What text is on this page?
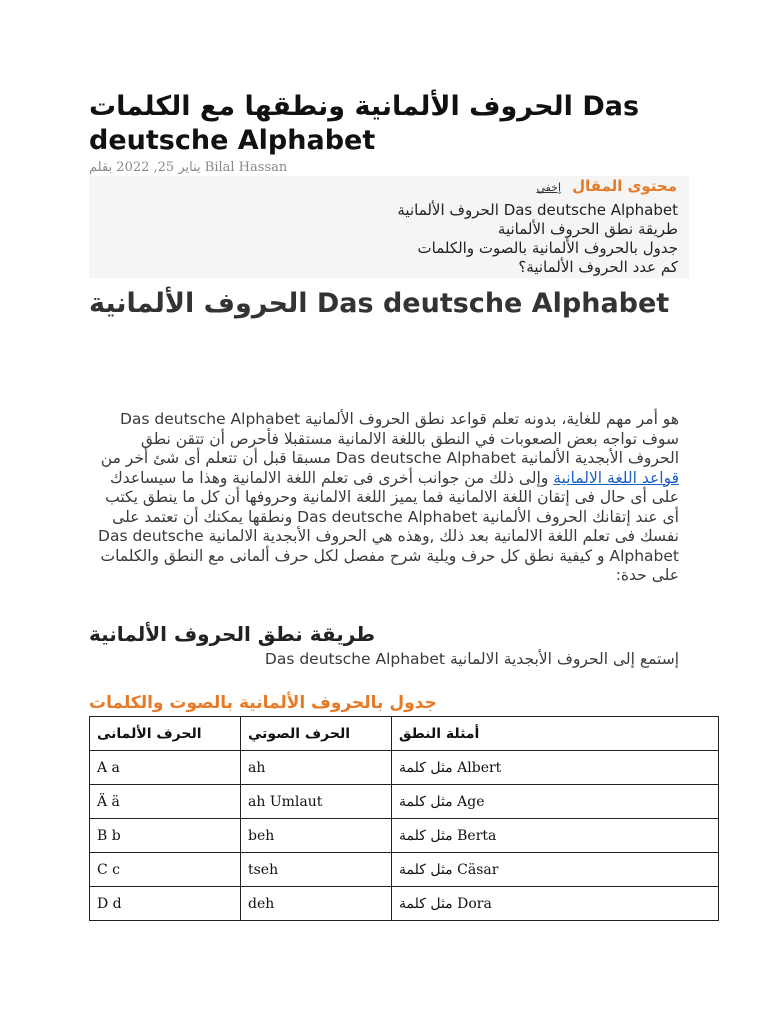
الحروف الألمانية ونطقها مع الكلمات Das deutsche Alphabet

يناير 25, 2022 بقلم Bilal Hassan

محتوى المقال إخفي
Das deutsche Alphabet الحروف الألمانية
طريقة نطق الحروف الألمانية
جدول بالحروف الألمانية بالصوت والكلمات
كم عدد الحروف الألمانية؟
الحروف الألمانية Das deutsche Alphabet

هو أمر مهم للغاية، بدونه تعلم قواعد نطق الحروف الألمانية Das deutsche Alphabet سوف تواجه بعض الصعوبات في النطق باللغة الالمانية مستقبلا فأحرص أن تتقن نطق الحروف الأبجدية الألمانية Das deutsche Alphabet مسبقا قبل أن تتعلم أى شئ أخر من قواعد اللغة الالمانية وإلى ذلك من جوانب أخرى فى تعلم اللغة الالمانية وهذا ما سيساعدك على أى حال فى إتقان اللغة الالمانية فما يميز اللغة الالمانية وحروفها أن كل ما ينطق يكتب أى عند إتقانك الحروف الألمانية Das deutsche Alphabet ونطقها يمكنك أن تعتمد على نفسك فى تعلم اللغة الالمانية بعد ذلك ,وهذه هي الحروف الأبجدية الالمانية Das deutsche Alphabet و كيفية نطق كل حرف ويلية شرح مفصل لكل حرف ألمانى مع النطق والكلمات على حدة:

طريقة نطق الحروف الألمانية

إستمع إلى الحروف الأبجدية الالمانية Das deutsche Alphabet

جدول بالحروف الألمانية بالصوت والكلمات
الحرف الألمانى	الحرف الصوتي	أمثلة النطق
A a	ah	مثل كلمة Albert
Ä ä	ah Umlaut	مثل كلمة Age
B b	beh	مثل كلمة Berta
C c	tseh	مثل كلمة Cäsar
D d	deh	مثل كلمة Dora
